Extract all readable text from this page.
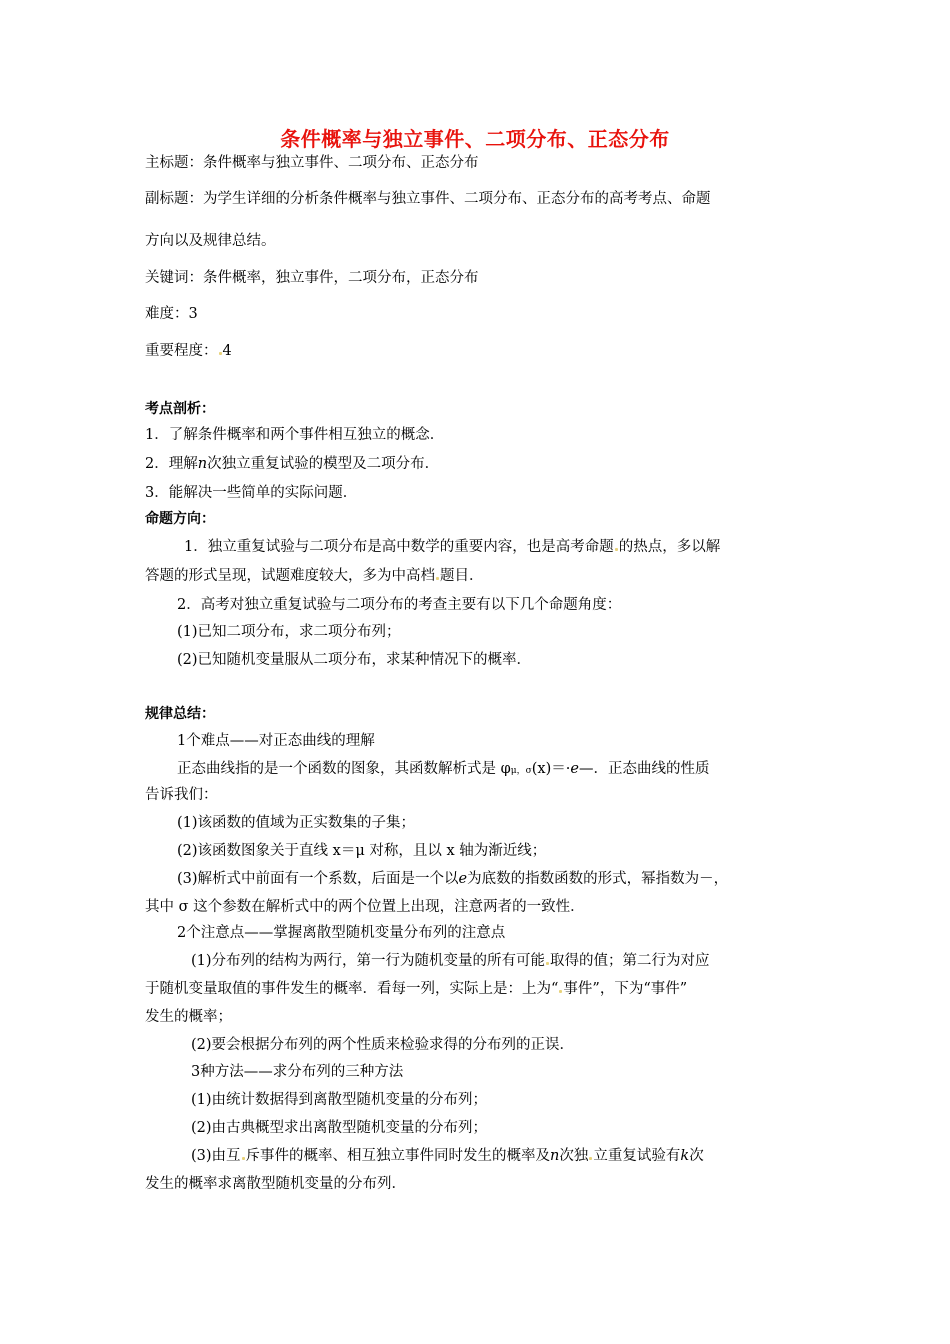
条件概率与独立事件、二项分布、正态分布
主标题：条件概率与独立事件、二项分布、正态分布
副标题：为学生详细的分析条件概率与独立事件、二项分布、正态分布的高考考点、命题
方向以及规律总结。
关键词：条件概率，独立事件，二项分布，正态分布
难度：3
重要程度： 4
考点剖析：
1．了解条件概率和两个事件相互独立的概念．
2．理解n次独立重复试验的模型及二项分布．
3．能解决一些简单的实际问题．
命题方向：
1．独立重复试验与二项分布是高中数学的重要内容，也是高考命题 的热点，多以解
答题的形式呈现，试题难度较大，多为中高档 题目．
2．高考对独立重复试验与二项分布的考查主要有以下几个命题角度：
(1)已知二项分布，求二项分布列；
(2)已知随机变量服从二项分布，求某种情况下的概率．
规律总结：
1个难点——对正态曲线的理解
正态曲线指的是一个函数的图象，其函数解析式是 φμ，σ(x)＝·e—．正态曲线的性质
告诉我们：
(1)该函数的值域为正实数集的子集；
(2)该函数图象关于直线 x＝μ 对称，且以 x 轴为渐近线；
(3)解析式中前面有一个系数，后面是一个以e为底数的指数函数的形式，幂指数为－，
其中 σ 这个参数在解析式中的两个位置上出现，注意两者的一致性．
2个注意点——掌握离散型随机变量分布列的注意点
(1)分布列的结构为两行，第一行为随机变量的所有可能 取得的值；第二行为对应
于随机变量取值的事件发生的概率．看每一列，实际上是：上为“ 事件”，下为“事件”
发生的概率；
(2)要会根据分布列的两个性质来检验求得的分布列的正误．
3种方法——求分布列的三种方法
(1)由统计数据得到离散型随机变量的分布列；
(2)由古典概型求出离散型随机变量的分布列；
(3)由互 斥事件的概率、相互独立事件同时发生的概率及n次独 立重复试验有k次
发生的概率求离散型随机变量的分布列．
